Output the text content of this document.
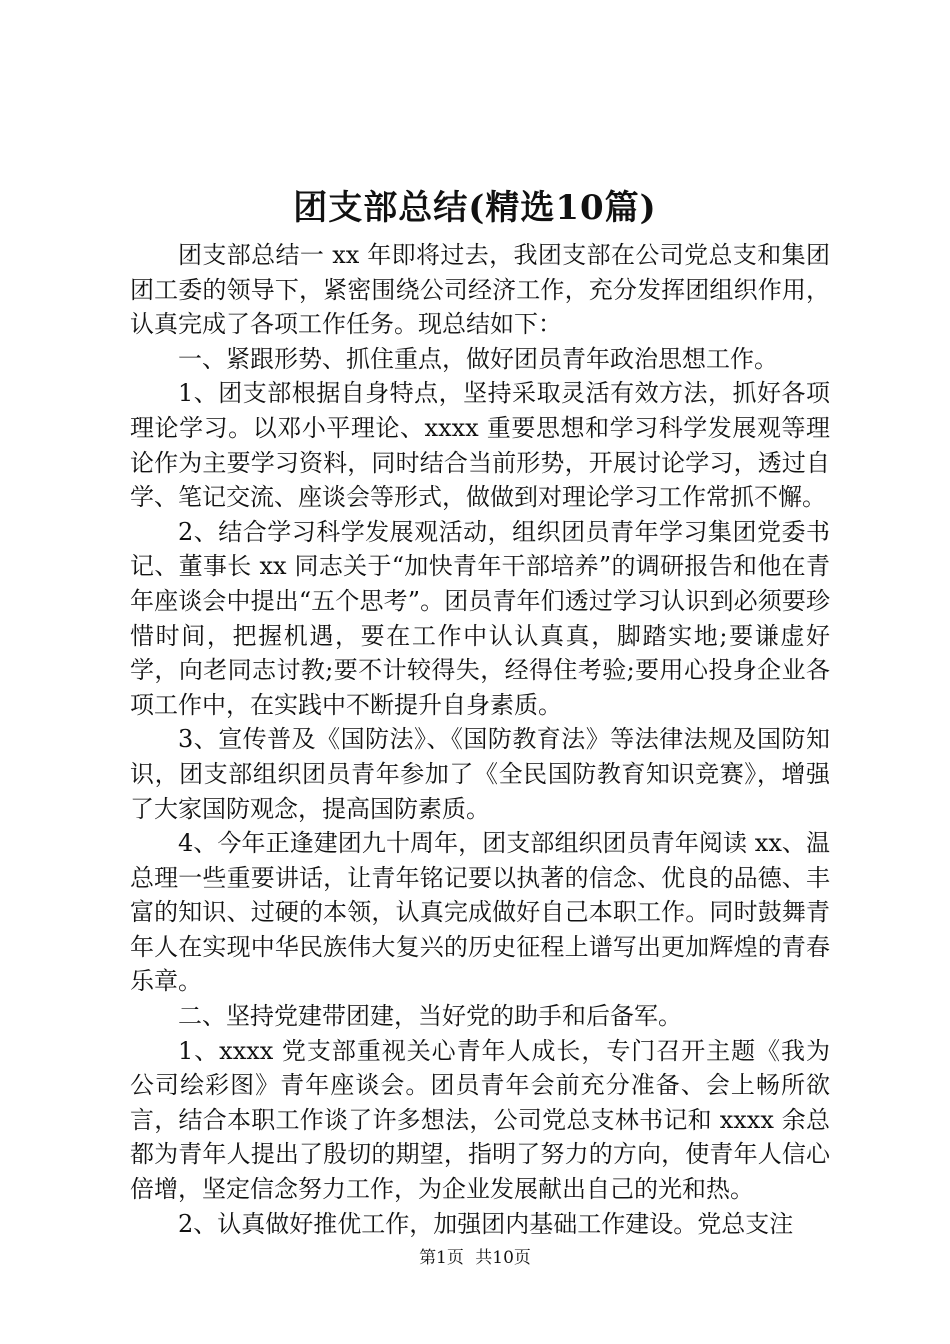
团支部总结(精选10篇)

团支部总结一 xx 年即将过去，我团支部在公司党总支和集团团工委的领导下，紧密围绕公司经济工作，充分发挥团组织作用，认真完成了各项工作任务。现总结如下：

一、紧跟形势、抓住重点，做好团员青年政治思想工作。

1、团支部根据自身特点，坚持采取灵活有效方法，抓好各项理论学习。以邓小平理论、xxxx 重要思想和学习科学发展观等理论作为主要学习资料，同时结合当前形势，开展讨论学习，透过自学、笔记交流、座谈会等形式，做做到对理论学习工作常抓不懈。

2、结合学习科学发展观活动，组织团员青年学习集团党委书记、董事长 xx 同志关于“加快青年干部培养”的调研报告和他在青年座谈会中提出“五个思考”。团员青年们透过学习认识到必须要珍惜时间，把握机遇，要在工作中认认真真，脚踏实地;要谦虚好学，向老同志讨教;要不计较得失，经得住考验;要用心投身企业各项工作中，在实践中不断提升自身素质。

3、宣传普及《国防法》、《国防教育法》等法律法规及国防知识，团支部组织团员青年参加了《全民国防教育知识竞赛》，增强了大家国防观念，提高国防素质。

4、今年正逢建团九十周年，团支部组织团员青年阅读 xx、温总理一些重要讲话，让青年铭记要以执著的信念、优良的品德、丰富的知识、过硬的本领，认真完成做好自己本职工作。同时鼓舞青年人在实现中华民族伟大复兴的历史征程上谱写出更加辉煌的青春乐章。

二、坚持党建带团建，当好党的助手和后备军。

1、xxxx 党支部重视关心青年人成长，专门召开主题《我为公司绘彩图》青年座谈会。团员青年会前充分准备、会上畅所欲言，结合本职工作谈了许多想法，公司党总支林书记和 xxxx 余总都为青年人提出了殷切的期望，指明了努力的方向，使青年人信心倍增，坚定信念努力工作，为企业发展献出自己的光和热。

2、认真做好推优工作，加强团内基础工作建设。党总支注

第1页 共10页
